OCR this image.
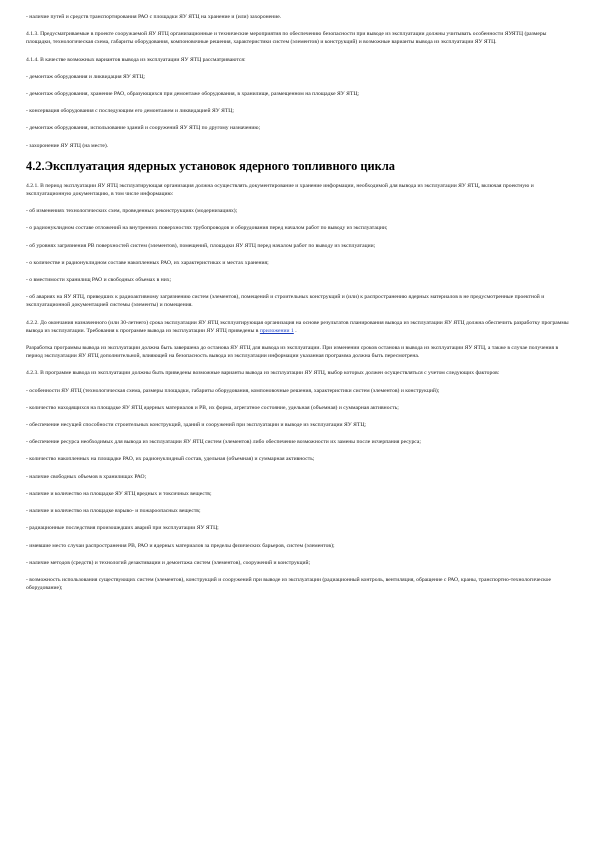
- наличие путей и средств транспортирования РАО с площадки ЯУ ЯТЦ на хранение и (или) захоронение.

4.1.3. Предусматриваемые в проекте сооружаемой ЯУ ЯТЦ организационные и технические мероприятия по обеспечению безопасности при выводе из эксплуатации должны учитывать особенности ЯУЯТЦ (размеры площадки, технологическая схема, габариты оборудования, компоновочные решения, характеристики систем (элементов) и конструкций) и возможные варианты вывода из эксплуатации ЯУ ЯТЦ.

4.1.4. В качестве возможных вариантов вывода из эксплуатации ЯУ ЯТЦ рассматриваются:

- демонтаж оборудования и ликвидация ЯУ ЯТЦ;

- демонтаж оборудования, хранение РАО, образующихся при демонтаже оборудования, в хранилище, размещенном на площадке ЯУ ЯТЦ;

- консервация оборудования с последующим его демонтажем и ликвидацией ЯУ ЯТЦ;

- демонтаж оборудования, использование зданий и сооружений ЯУ ЯТЦ по другому назначению;

- захоронение ЯУ ЯТЦ (на месте).

4.2.Эксплуатация ядерных установок ядерного топливного цикла

4.2.1. В период эксплуатации ЯУ ЯТЦ эксплуатирующая организация должна осуществлять документирование и хранение информации, необходимой для вывода из эксплуатации ЯУ ЯТЦ, включая проектную и эксплуатационную документацию, в том числе информацию:

- об изменениях технологических схем, проведенных реконструкциях (модернизациях);

- о радионуклидном составе отложений на внутренних поверхностях трубопроводов и оборудования перед началом работ по выводу из эксплуатации;

- об уровнях загрязнения РВ поверхностей систем (элементов), помещений, площадки ЯУ ЯТЦ перед началом работ по выводу из эксплуатации;

- о количестве и радионуклидном составе накопленных РАО, их характеристиках и местах хранения;

- о вместимости хранилищ РАО и свободных объемах в них;

- об авариях на ЯУ ЯТЦ, приведших к радиоактивному загрязнению систем (элементов), помещений и строительных конструкций и (или) к распространению ядерных материалов в не предусмотренные проектной и эксплуатационной документацией системы (элементы) и помещения.

4.2.2. До окончания назначенного (или 30-летнего) срока эксплуатации ЯУ ЯТЦ эксплуатирующая организация на основе результатов планирования вывода из эксплуатации ЯУ ЯТЦ должна обеспечить разработку программы вывода из эксплуатации. Требования к программе вывода из эксплуатации ЯУ ЯТЦ приведены в приложении 1 .

Разработка программы вывода из эксплуатации должна быть завершена до останова ЯУ ЯТЦ для вывода из эксплуатации. При изменении сроков останова и вывода из эксплуатации ЯУ ЯТЦ, а также в случае получения в период эксплуатации ЯУ ЯТЦ дополнительной, влияющей на безопасность вывода из эксплуатации информации указанная программа должна быть пересмотрена.

4.2.3. В программе вывода из эксплуатации должны быть приведены возможные варианты вывода из эксплуатации ЯУ ЯТЦ, выбор которых должен осуществляться с учетом следующих факторов:

- особенности ЯУ ЯТЦ (технологическая схема, размеры площадки, габариты оборудования, компоновочные решения, характеристики систем (элементов) и конструкций);

- количество находящихся на площадке ЯУ ЯТЦ ядерных материалов и РВ, их форма, агрегатное состояние, удельная (объемная) и суммарная активность;

- обеспечение несущей способности строительных конструкций, зданий и сооружений при эксплуатации и выводе из эксплуатации ЯУ ЯТЦ;

- обеспечение ресурса необходимых для вывода из эксплуатации ЯУ ЯТЦ систем (элементов) либо обеспечение возможности их замены после исчерпания ресурса;

- количество накопленных на площадке РАО, их радионуклидный состав, удельная (объемная) и суммарная активность;

- наличие свободных объемов в хранилищах РАО;

- наличие и количество на площадке ЯУ ЯТЦ вредных и токсичных веществ;

- наличие и количество на площадке взрыво- и пожароопасных веществ;

- радиационные последствия произошедших аварий при эксплуатации ЯУ ЯТЦ;

- имевшие место случаи распространения РВ, РАО и ядерных материалов за пределы физических барьеров, систем (элементов);

- наличие методов (средств) и технологий дезактивации и демонтажа систем (элементов), сооружений и конструкций;

- возможность использования существующих систем (элементов), конструкций и сооружений при выводе из эксплуатации (радиационный контроль, вентиляция, обращение с РАО, краны, транспортно-технологическое оборудование);
